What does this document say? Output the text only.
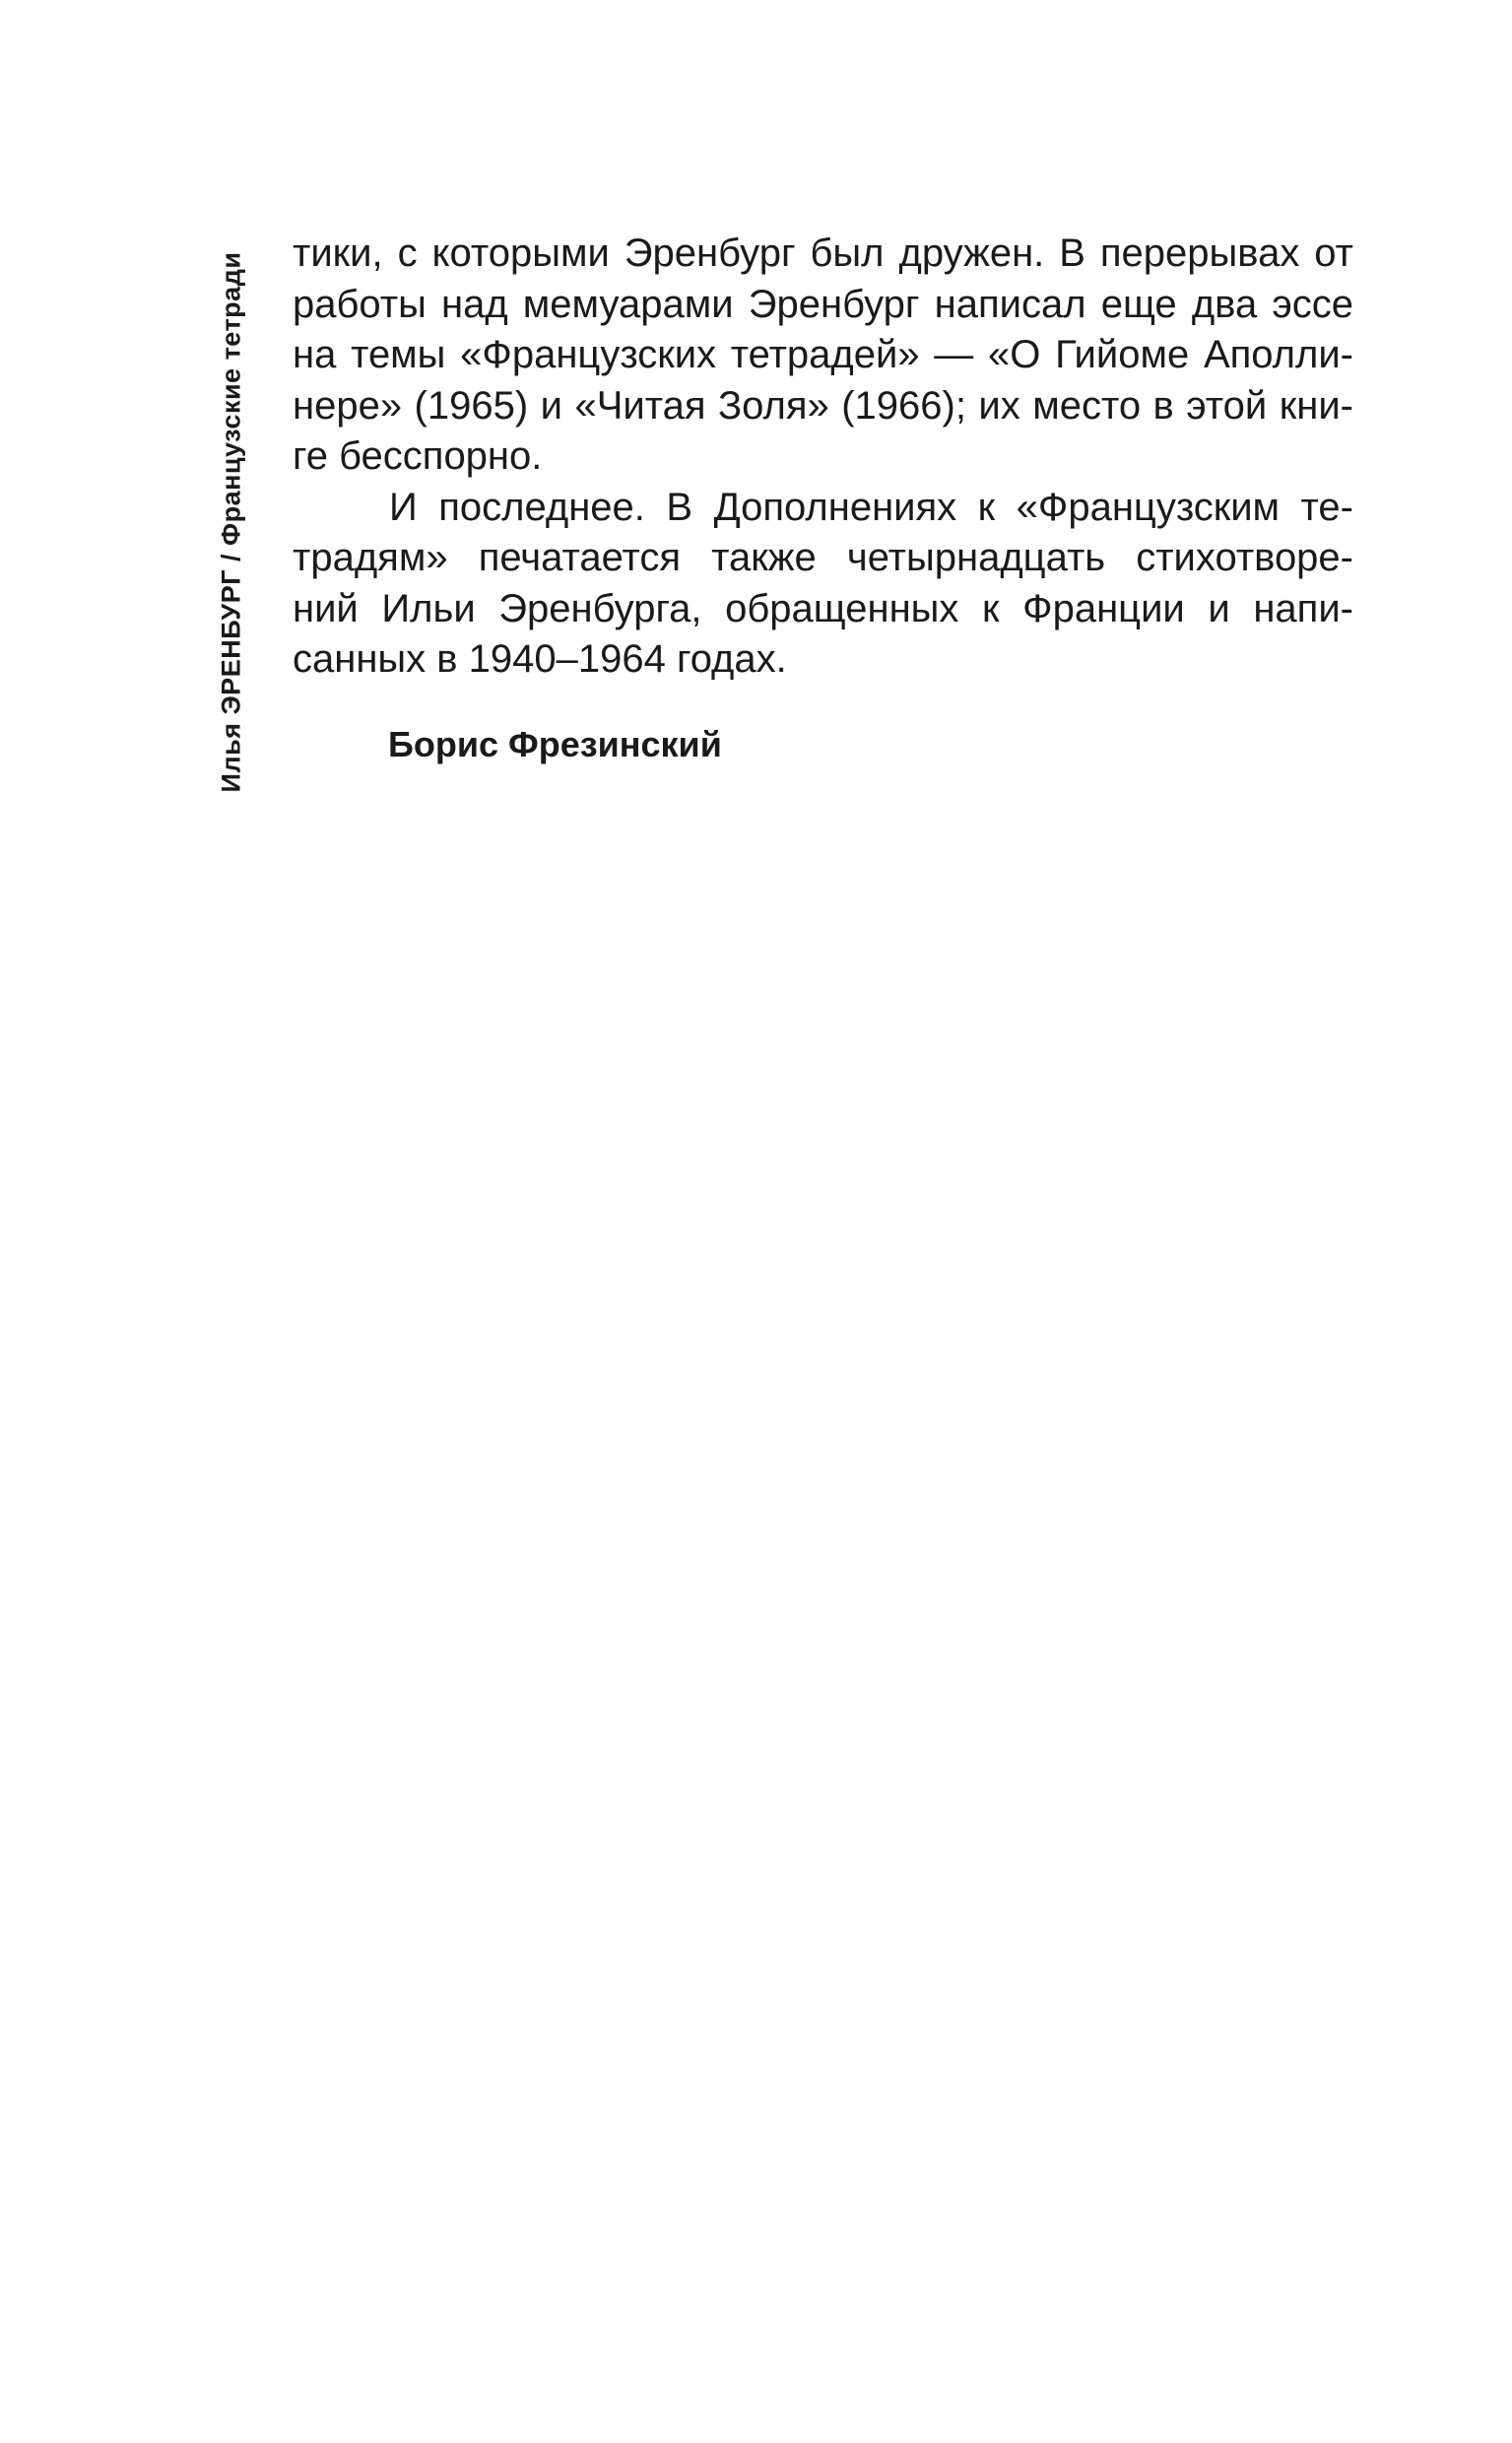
Илья ЭРЕНБУРГ / Французские тетради тики, с которыми Эренбург был дружен. В перерывах от
работы над мемуарами Эренбург написал еще два эссе
на темы «Французских тетрадей» — «О Гийоме Аполли-
нере» (1965) и «Читая Золя» (1966); их место в этой кни-
ге бесспорно.
И последнее. В Дополнениях к «Французским те-
традям» печатается также четырнадцать стихотворе-
ний Ильи Эренбурга, обращенных к Франции и напи-
санных в 1940–1964 годах.
Борис Фрезинский
